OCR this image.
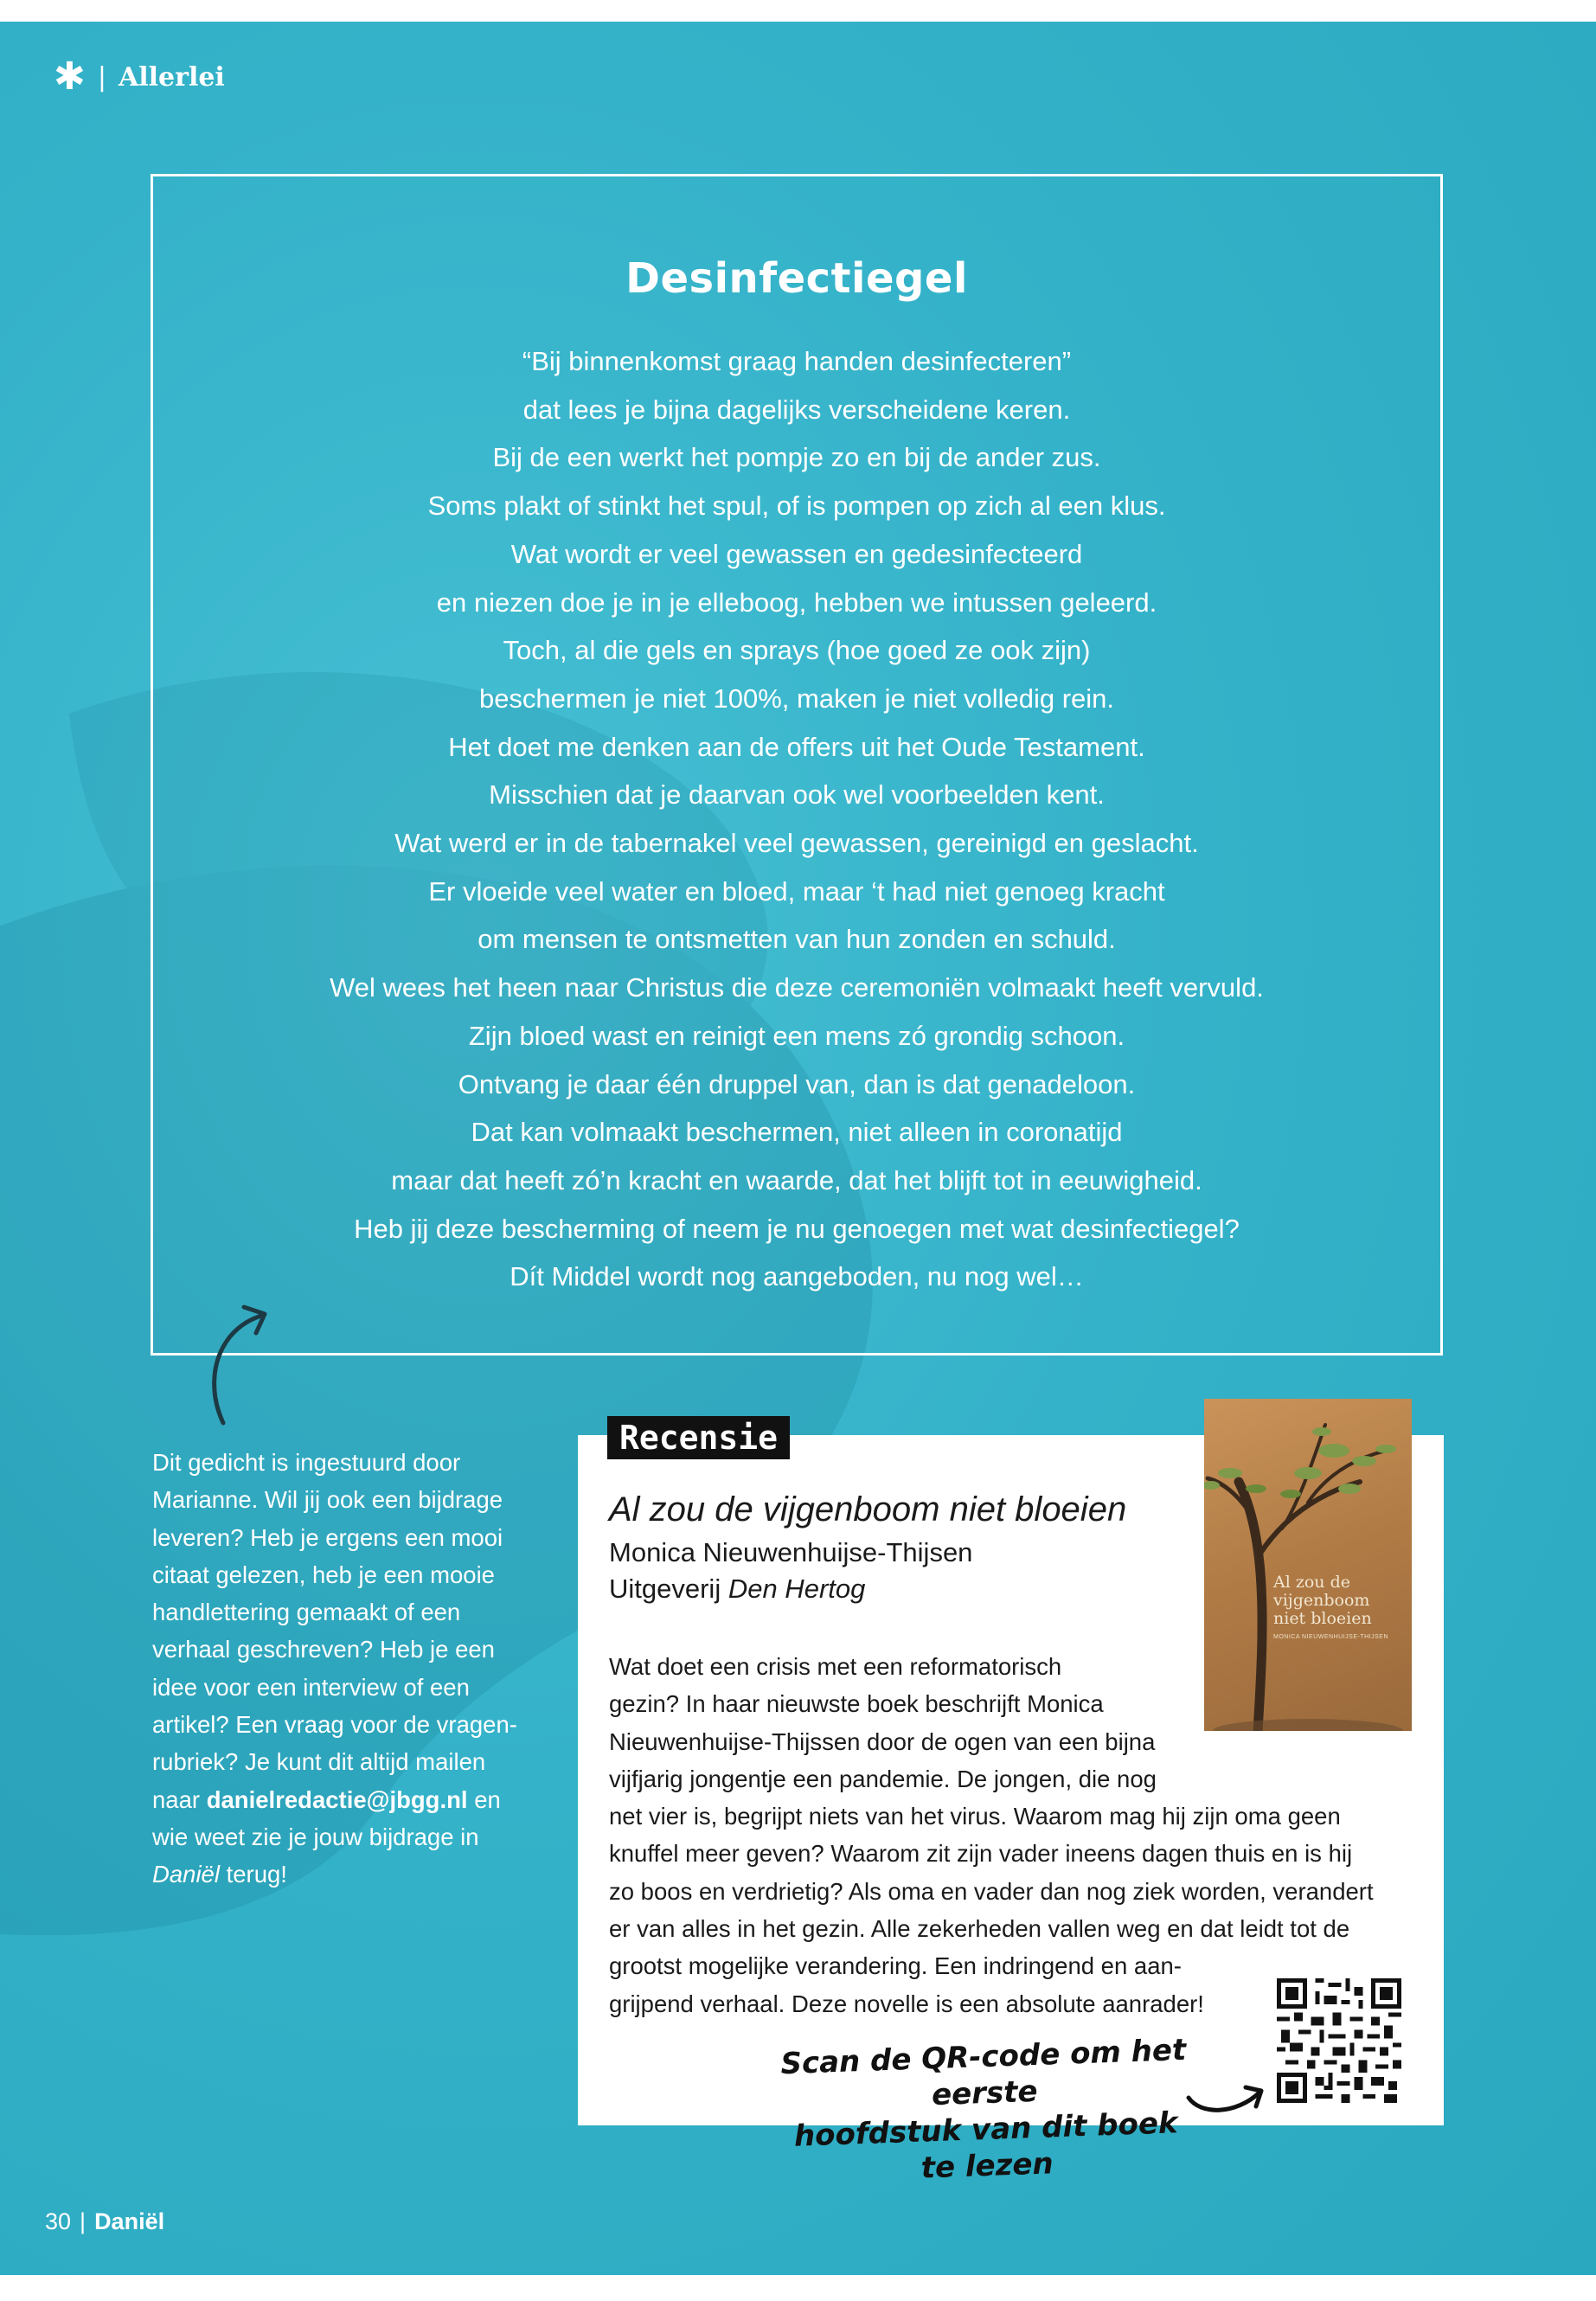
✱ | Allerlei
Desinfectiegel
“Bij binnenkomst graag handen desinfecteren”
dat lees je bijna dagelijks verscheidene keren.
Bij de een werkt het pompje zo en bij de ander zus.
Soms plakt of stinkt het spul, of is pompen op zich al een klus.
Wat wordt er veel gewassen en gedesinfecteerd
en niezen doe je in je elleboog, hebben we intussen geleerd.
Toch, al die gels en sprays (hoe goed ze ook zijn)
beschermen je niet 100%, maken je niet volledig rein.
Het doet me denken aan de offers uit het Oude Testament.
Misschien dat je daarvan ook wel voorbeelden kent.
Wat werd er in de tabernakel veel gewassen, gereinigd en geslacht.
Er vloeide veel water en bloed, maar ‘t had niet genoeg kracht
om mensen te ontsmetten van hun zonden en schuld.
Wel wees het heen naar Christus die deze ceremoniën volmaakt heeft vervuld.
Zijn bloed wast en reinigt een mens zó grondig schoon.
Ontvang je daar één druppel van, dan is dat genadeloon.
Dat kan volmaakt beschermen, niet alleen in coronatijd
maar dat heeft zó’n kracht en waarde, dat het blijft tot in eeuwigheid.
Heb jij deze bescherming of neem je nu genoegen met wat desinfectiegel?
Dít Middel wordt nog aangeboden, nu nog wel…
Dit gedicht is ingestuurd door
Marianne. Wil jij ook een bijdrage
leveren? Heb je ergens een mooi
citaat gelezen, heb je een mooie
handlettering gemaakt of een
verhaal geschreven? Heb je een
idee voor een interview of een
artikel? Een vraag voor de vragen-
rubriek? Je kunt dit altijd mailen
naar danielredactie@jbgg.nl en
wie weet zie je jouw bijdrage in
Daniël terug!
Recensie
Al zou de vijgenboom niet bloeien
MONICA NIEUWENHUIJSE-THIJSEN
Al zou de vijgenboom niet bloeien
Monica Nieuwenhuijse-Thijsen
Uitgeverij Den Hertog
Wat doet een crisis met een reformatorisch
gezin? In haar nieuwste boek beschrijft Monica
Nieuwenhuijse-Thijssen door de ogen van een bijna
vijfjarig jongentje een pandemie. De jongen, die nog
net vier is, begrijpt niets van het virus. Waarom mag hij zijn oma geen
knuffel meer geven? Waarom zit zijn vader ineens dagen thuis en is hij
zo boos en verdrietig? Als oma en vader dan nog ziek worden, verandert
er van alles in het gezin. Alle zekerheden vallen weg en dat leidt tot de
grootst mogelijke verandering. Een indringend en aan-
grijpend verhaal. Deze novelle is een absolute aanrader!
Scan de QR-code om het eerste
hoofdstuk van dit boek te lezen
30 | Daniël
